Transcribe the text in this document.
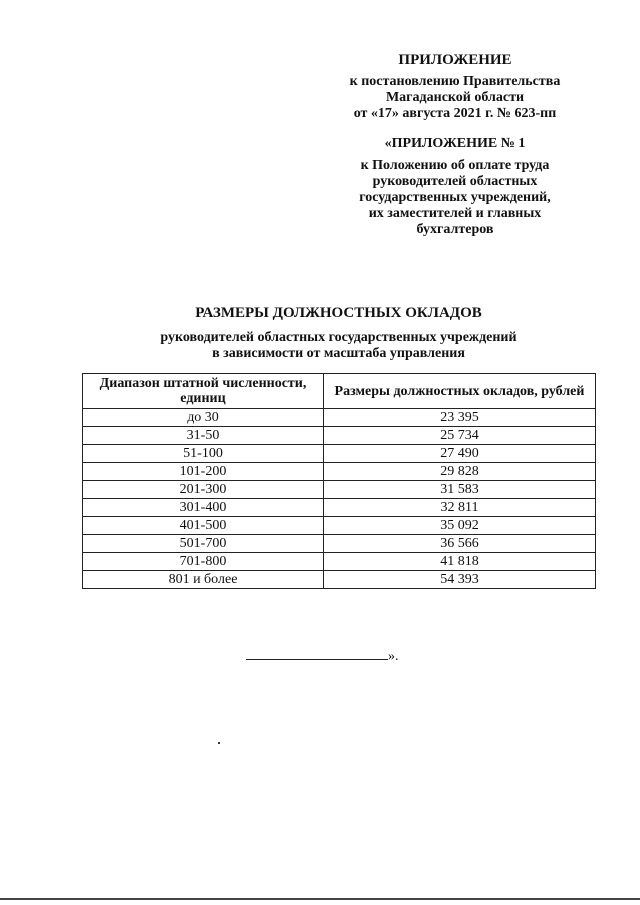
ПРИЛОЖЕНИЕ
к постановлению Правительства
Магаданской области
от «17» августа 2021 г. № 623-пп
«ПРИЛОЖЕНИЕ № 1
к Положению об оплате труда
руководителей областных
государственных учреждений,
их заместителей и главных
бухгалтеров
РАЗМЕРЫ ДОЛЖНОСТНЫХ ОКЛАДОВ
руководителей областных государственных учреждений
в зависимости от масштаба управления
Диапазон штатной численности, единиц	Размеры должностных окладов, рублей
до 30	23 395
31-50	25 734
51-100	27 490
101-200	29 828
201-300	31 583
301-400	32 811
401-500	35 092
501-700	36 566
701-800	41 818
801 и более	54 393
».
